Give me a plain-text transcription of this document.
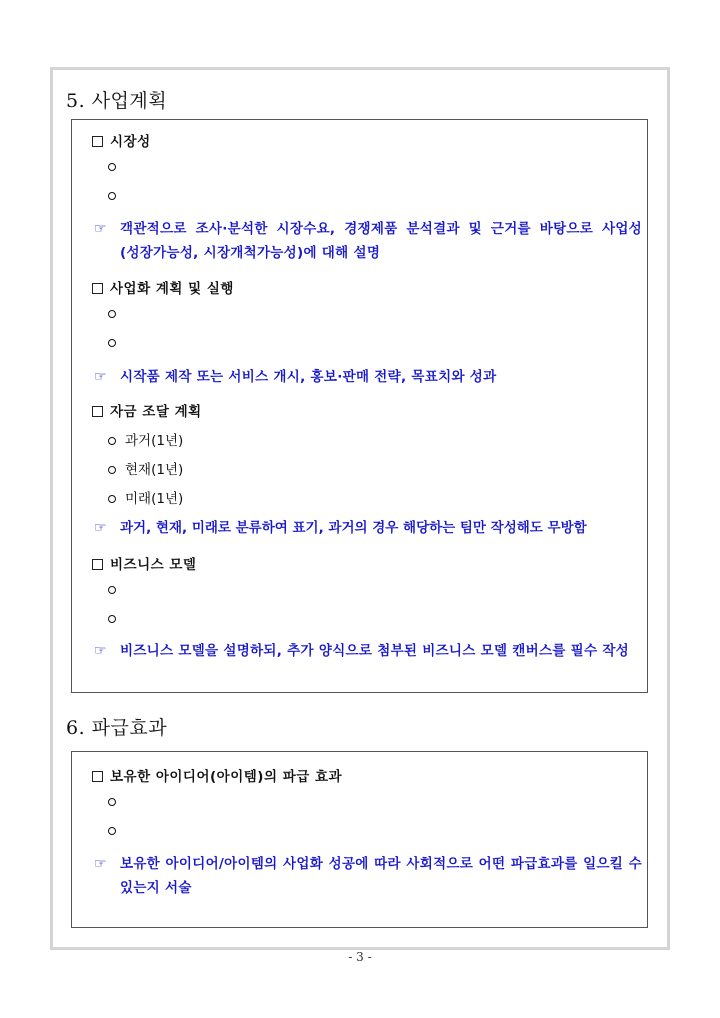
5. 사업계획
시장성
☞ 객관적으로 조사·분석한 시장수요, 경쟁제품 분석결과 및 근거를 바탕으로 사업성(성장가능성, 시장개척가능성)에 대해 설명
사업화 계획 및 실행
☞ 시작품 제작 또는 서비스 개시, 홍보·판매 전략, 목표치와 성과
자금 조달 계획
과거(1년)
현재(1년)
미래(1년)
☞ 과거, 현재, 미래로 분류하여 표기, 과거의 경우 해당하는 팀만 작성해도 무방함
비즈니스 모델
☞ 비즈니스 모델을 설명하되, 추가 양식으로 첨부된 비즈니스 모델 캔버스를 필수 작성
6. 파급효과
보유한 아이디어(아이템)의 파급 효과
☞ 보유한 아이디어/아이템의 사업화 성공에 따라 사회적으로 어떤 파급효과를 일으킬 수 있는지 서술
- 3 -
